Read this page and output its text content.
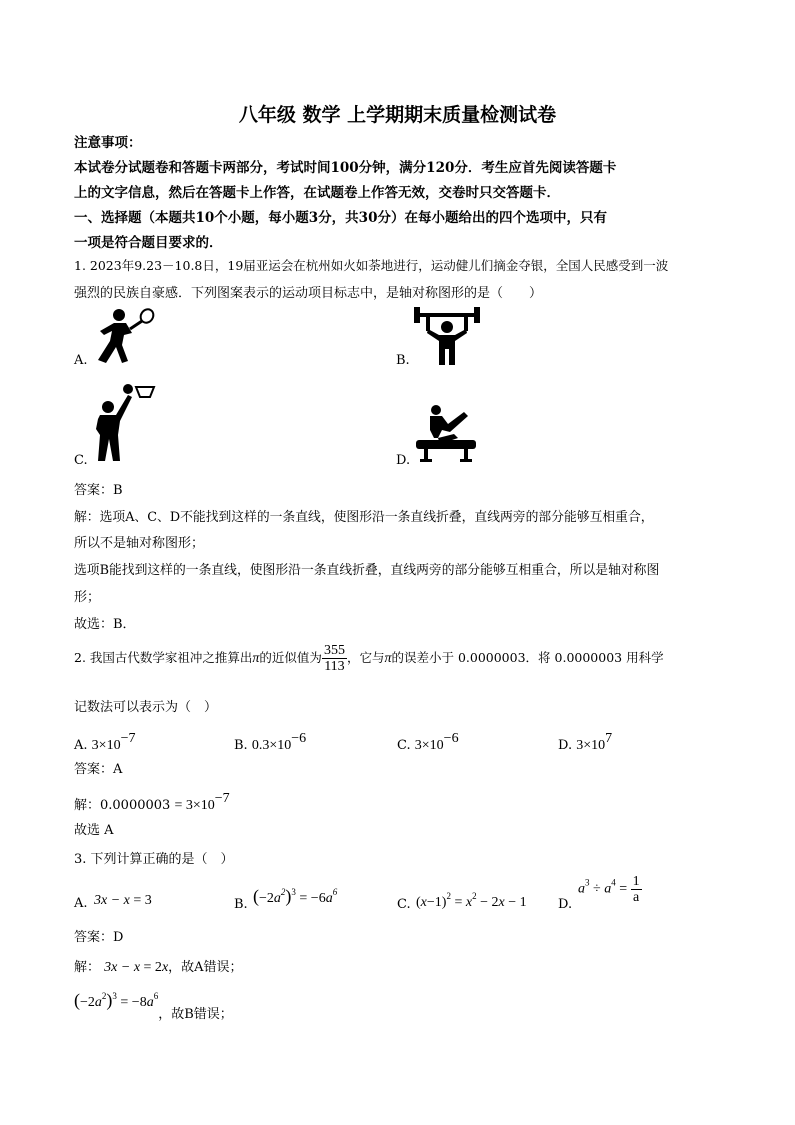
八年级 数学 上学期期末质量检测试卷
注意事项：
本试卷分试题卷和答题卡两部分，考试时间100分钟，满分120分．考生应首先阅读答题卡
上的文字信息，然后在答题卡上作答，在试题卷上作答无效，交卷时只交答题卡．
一、选择题（本题共10个小题，每小题3分，共30分）在每小题给出的四个选项中，只有
一项是符合题目要求的．
1. 2023年9.23－10.8日，19届亚运会在杭州如火如荼地进行，运动健儿们摘金夺银，全国人民感受到一波
强烈的民族自豪感．下列图案表示的运动项目标志中，是轴对称图形的是（　　）
A.	B.
C.	D.
答案：B
解：选项A、C、D不能找到这样的一条直线，使图形沿一条直线折叠，直线两旁的部分能够互相重合，
所以不是轴对称图形；
选项B能找到这样的一条直线，使图形沿一条直线折叠，直线两旁的部分能够互相重合，所以是轴对称图
形；
故选：B．
2. 我国古代数学家祖冲之推算出π的近似值为 $\frac{355}{113}$ ，它与π的误差小于 0.0000003．将 0.0000003 用科学
记数法可以表示为（　）
A. $3\times 10^{-7}$	B. $0.3\times 10^{-6}$	C. $3\times 10^{-6}$	D. $3\times 10^7$
答案：A
解：$0.0000003 = 3\times 10^{-7}$
故选 A
3. 下列计算正确的是（　）
A. 3x − x = 3	B. $(-2a^2)^3 = -6a^6$
C. $(x-1)^2 = x^2 - 2x - 1$ D.
$a^3 \div a^4 = \frac{1}{a}$
答案：D
解： 3x − x = 2x，故A错误；
$(-2a^2)^3 = -8a^6$，故B错误；
